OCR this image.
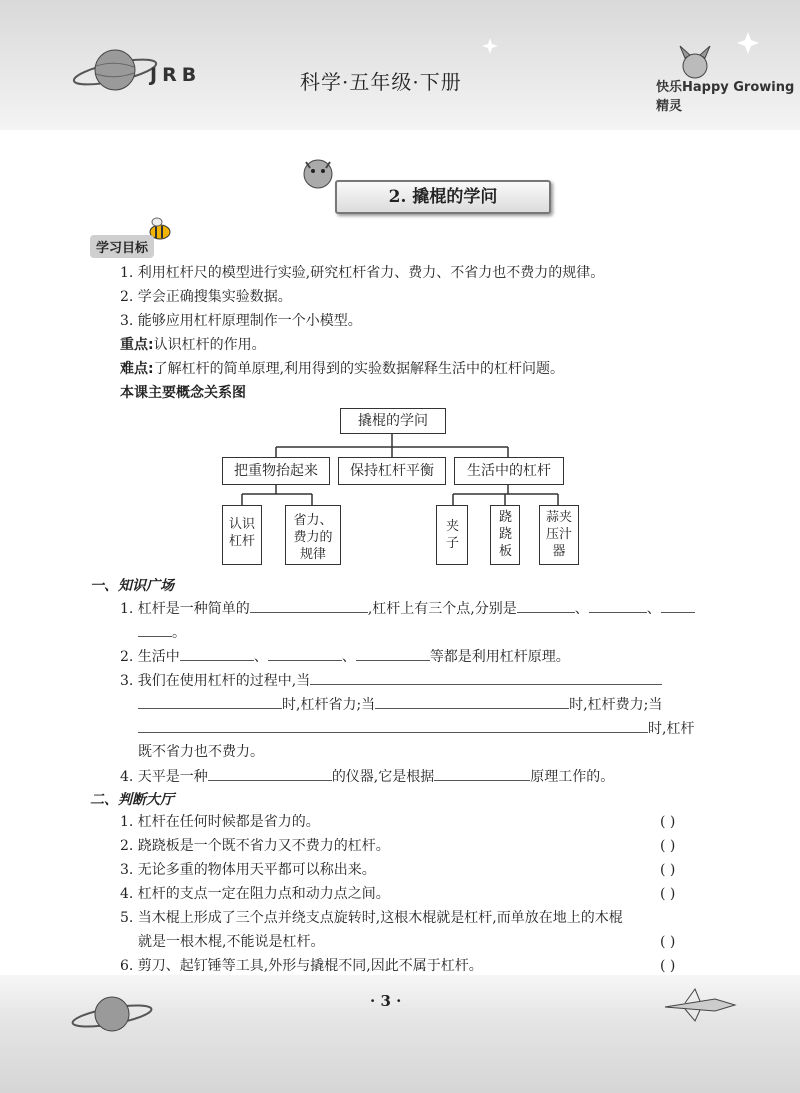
JRB	科学·五年级·下册	快乐Happy Growing精灵
2. 撬棍的学问
学习目标
1. 利用杠杆尺的模型进行实验,研究杠杆省力、费力、不省力也不费力的规律。
2. 学会正确搜集实验数据。
3. 能够应用杠杆原理制作一个小模型。
重点:认识杠杆的作用。
难点:了解杠杆的简单原理,利用得到的实验数据解释生活中的杠杆问题。
本课主要概念关系图
撬棍的学问
把重物抬起来	保持杠杆平衡	生活中的杠杆
认识杠杆
省力、费力的规律
夹子
跷跷板
蒜夹压汁器
一、知识广场
1. 杠杆是一种简单的	,杠杆上有三个点,分别是	、	、
。
2. 生活中	、	、	等都是利用杠杆原理。
3. 我们在使用杠杆的过程中,当
时,杠杆省力;当	时,杠杆费力;当
时,杠杆
既不省力也不费力。
4. 天平是一种	的仪器,它是根据	原理工作的。
二、判断大厅
1. 杠杆在任何时候都是省力的。	( )
2. 跷跷板是一个既不省力又不费力的杠杆。	( )
3. 无论多重的物体用天平都可以称出来。	( )
4. 杠杆的支点一定在阻力点和动力点之间。	( )
5. 当木棍上形成了三个点并绕支点旋转时,这根木棍就是杠杆,而单放在地上的木棍
就是一根木棍,不能说是杠杆。	( )
6. 剪刀、起钉锤等工具,外形与撬棍不同,因此不属于杠杆。	( )
· 3 ·
